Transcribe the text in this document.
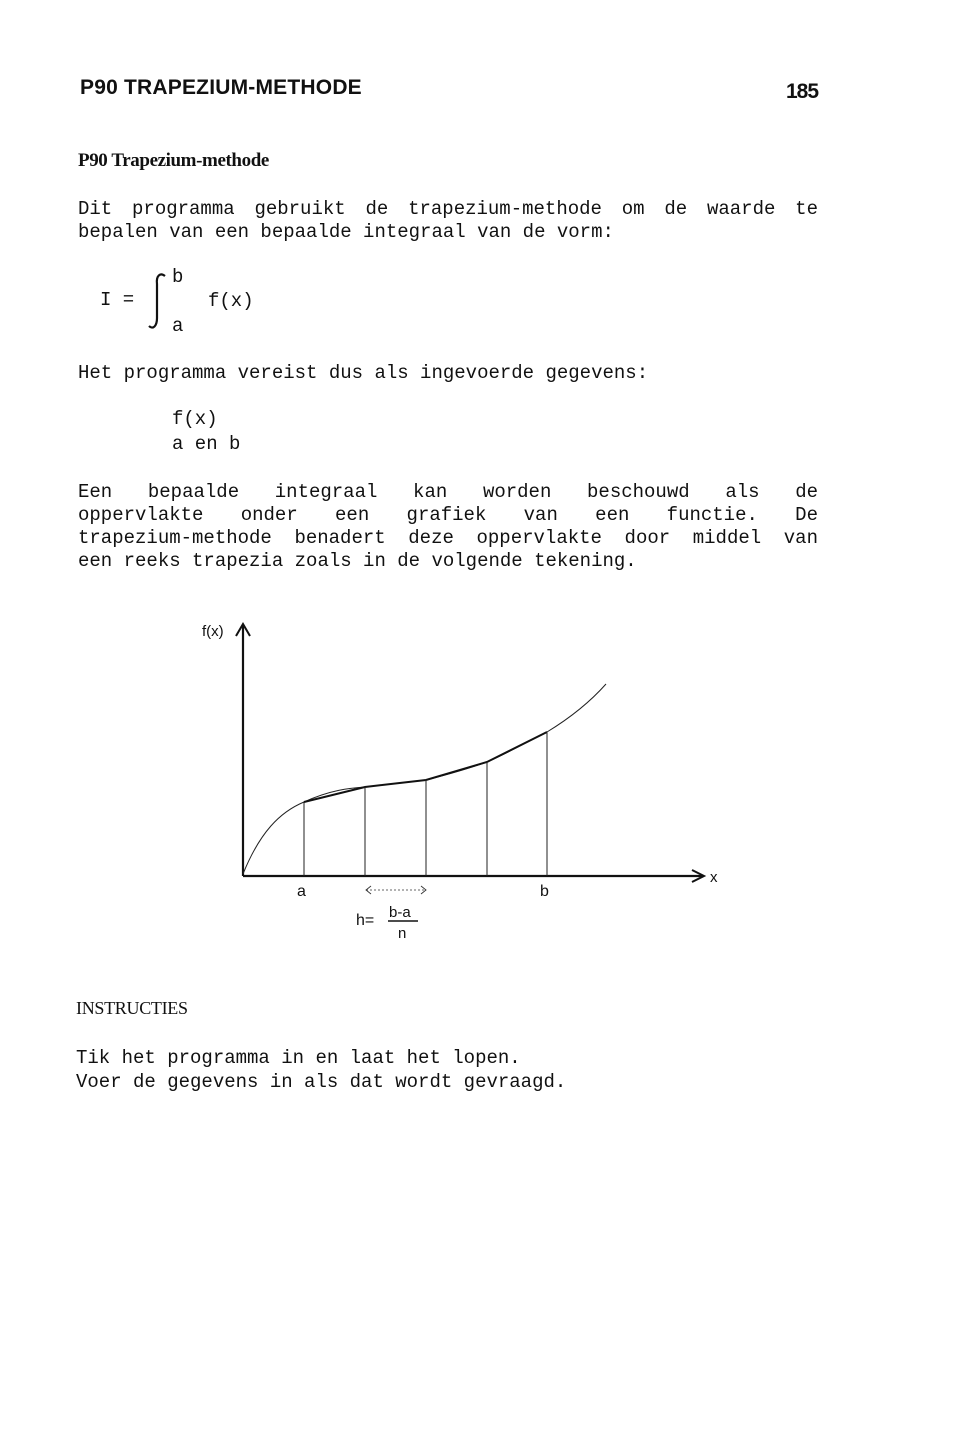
P90 TRAPEZIUM-METHODE	185
P90 Trapezium-methode
Dit programma gebruikt de trapezium-methode om de waarde te
bepalen van een bepaalde integraal van de vorm:
I =
b
a
f(x)
Het programma vereist dus als ingevoerde gegevens:
f(x)
a en b
Een bepaalde integraal kan worden beschouwd als de
oppervlakte onder een grafiek van een functie. De
trapezium-methode benadert deze oppervlakte door middel van
een reeks trapezia zoals in de volgende tekening.
f(x)
x
a	b
h= b-a
n
INSTRUCTIES
Tik het programma in en laat het lopen.
Voer de gegevens in als dat wordt gevraagd.
